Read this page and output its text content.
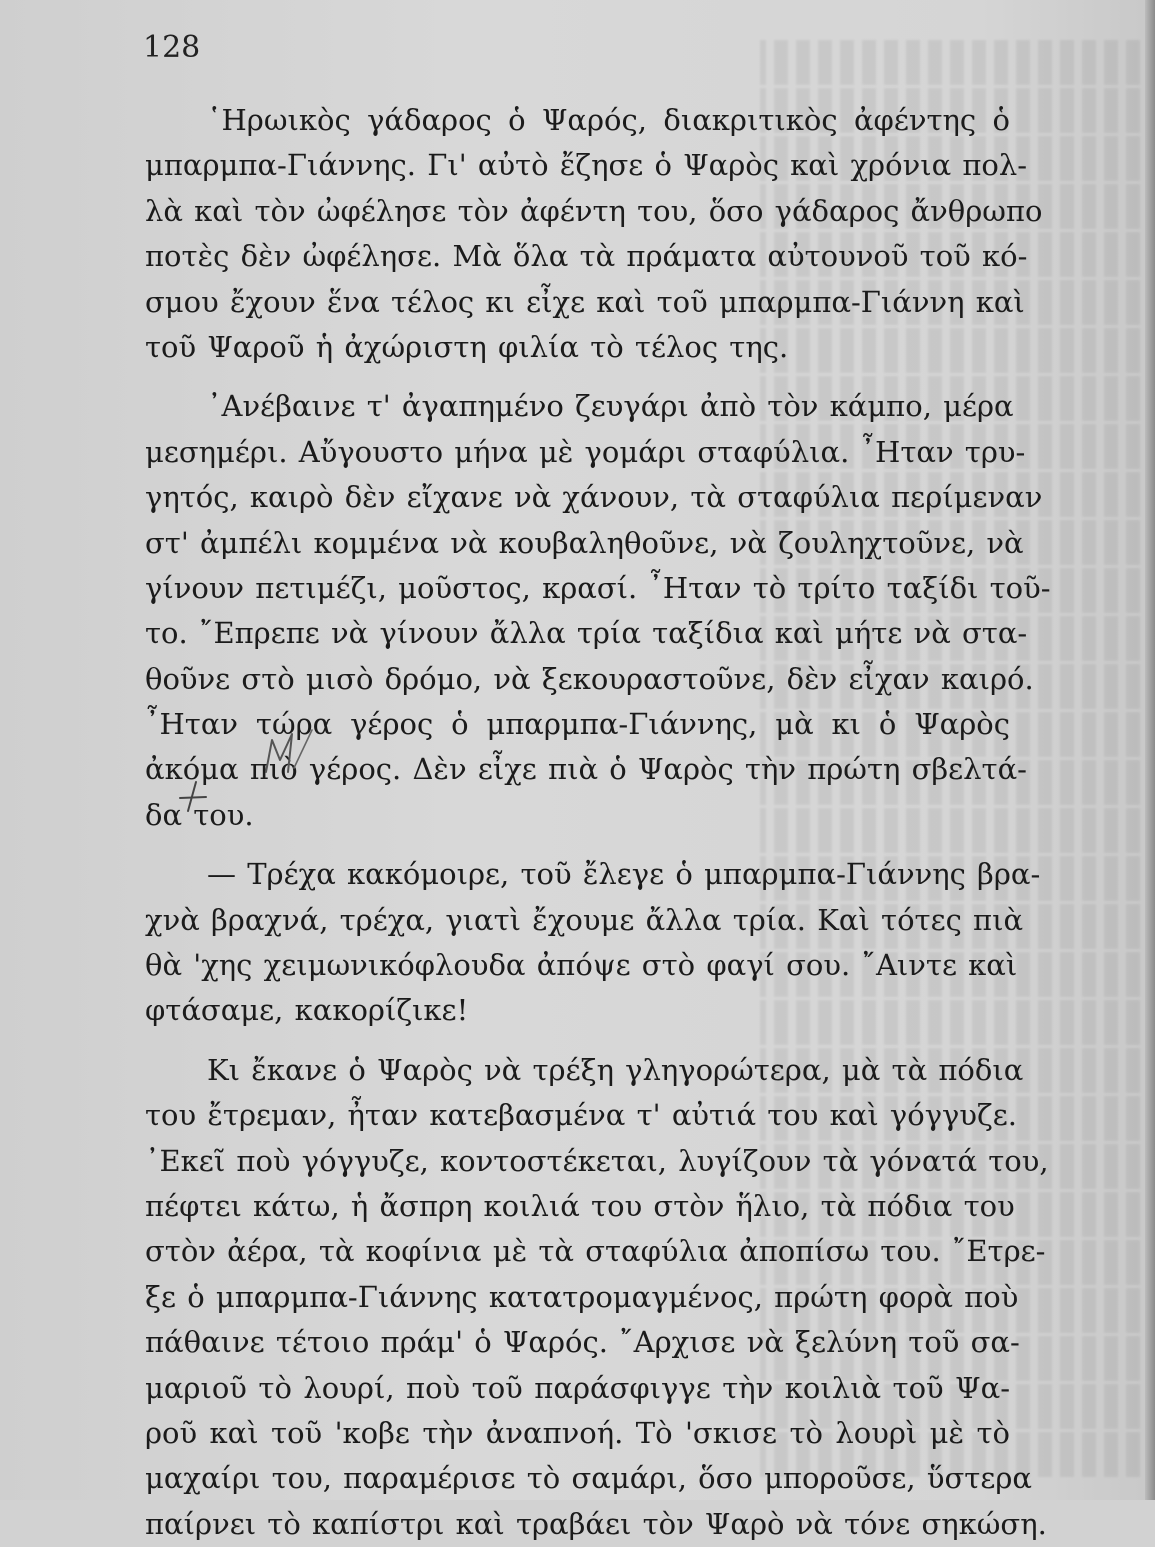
128
῾Ηρωικὸς γάδαρος ὁ Ψαρός, διακριτικὸς ἀφέντης ὁ
μπαρμπα-Γιάννης. Γι' αὐτὸ ἔζησε ὁ Ψαρὸς καὶ χρόνια πολ-
λὰ καὶ τὸν ὠφέλησε τὸν ἀφέντη του, ὅσο γάδαρος ἄνθρωπο
ποτὲς δὲν ὠφέλησε. Μὰ ὅλα τὰ πράματα αὐτουνοῦ τοῦ κό-
σμου ἔχουν ἕνα τέλος κι εἶχε καὶ τοῦ μπαρμπα-Γιάννη καὶ
τοῦ Ψαροῦ ἡ ἀχώριστη φιλία τὸ τέλος της.
᾽Ανέβαινε τ' ἀγαπημένο ζευγάρι ἀπὸ τὸν κάμπο, μέρα
μεσημέρι. Αὔγουστο μήνα μὲ γομάρι σταφύλια. ῏Ηταν τρυ-
γητός, καιρὸ δὲν εἴχανε νὰ χάνουν, τὰ σταφύλια περίμεναν
στ' ἀμπέλι κομμένα νὰ κουβαληθοῦνε, νὰ ζουληχτοῦνε, νὰ
γίνουν πετιμέζι, μοῦστος, κρασί. ῏Ηταν τὸ τρίτο ταξίδι τοῦ-
το. ῎Επρεπε νὰ γίνουν ἄλλα τρία ταξίδια καὶ μήτε νὰ στα-
θοῦνε στὸ μισὸ δρόμο, νὰ ξεκουραστοῦνε, δὲν εἶχαν καιρό.
῏Ηταν τώρα γέρος ὁ μπαρμπα-Γιάννης, μὰ κι ὁ Ψαρὸς
ἀκόμα πιὸ γέρος. Δὲν εἶχε πιὰ ὁ Ψαρὸς τὴν πρώτη σβελτά-
δα του.
— Τρέχα κακόμοιρε, τοῦ ἔλεγε ὁ μπαρμπα-Γιάννης βρα-
χνὰ βραχνά, τρέχα, γιατὶ ἔχουμε ἄλλα τρία. Καὶ τότες πιὰ
θὰ 'χης χειμωνικόφλουδα ἀπόψε στὸ φαγί σου. ῎Αιντε καὶ
φτάσαμε, κακορίζικε!
Κι ἔκανε ὁ Ψαρὸς νὰ τρέξη γληγορώτερα, μὰ τὰ πόδια
του ἔτρεμαν, ἦταν κατεβασμένα τ' αὐτιά του καὶ γόγγυζε.
᾽Εκεῖ ποὺ γόγγυζε, κοντοστέκεται, λυγίζουν τὰ γόνατά του,
πέφτει κάτω, ἡ ἄσπρη κοιλιά του στὸν ἥλιο, τὰ πόδια του
στὸν ἀέρα, τὰ κοφίνια μὲ τὰ σταφύλια ἀποπίσω του. ῎Ετρε-
ξε ὁ μπαρμπα-Γιάννης κατατρομαγμένος, πρώτη φορὰ ποὺ
πάθαινε τέτοιο πράμ' ὁ Ψαρός. ῎Αρχισε νὰ ξελύνη τοῦ σα-
μαριοῦ τὸ λουρί, ποὺ τοῦ παράσφιγγε τὴν κοιλιὰ τοῦ Ψα-
ροῦ καὶ τοῦ 'κοβε τὴν ἀναπνοή. Τὸ 'σκισε τὸ λουρὶ μὲ τὸ
μαχαίρι του, παραμέρισε τὸ σαμάρι, ὅσο μποροῦσε, ὕστερα
παίρνει τὸ καπίστρι καὶ τραβάει τὸν Ψαρὸ νὰ τόνε σηκώση.
